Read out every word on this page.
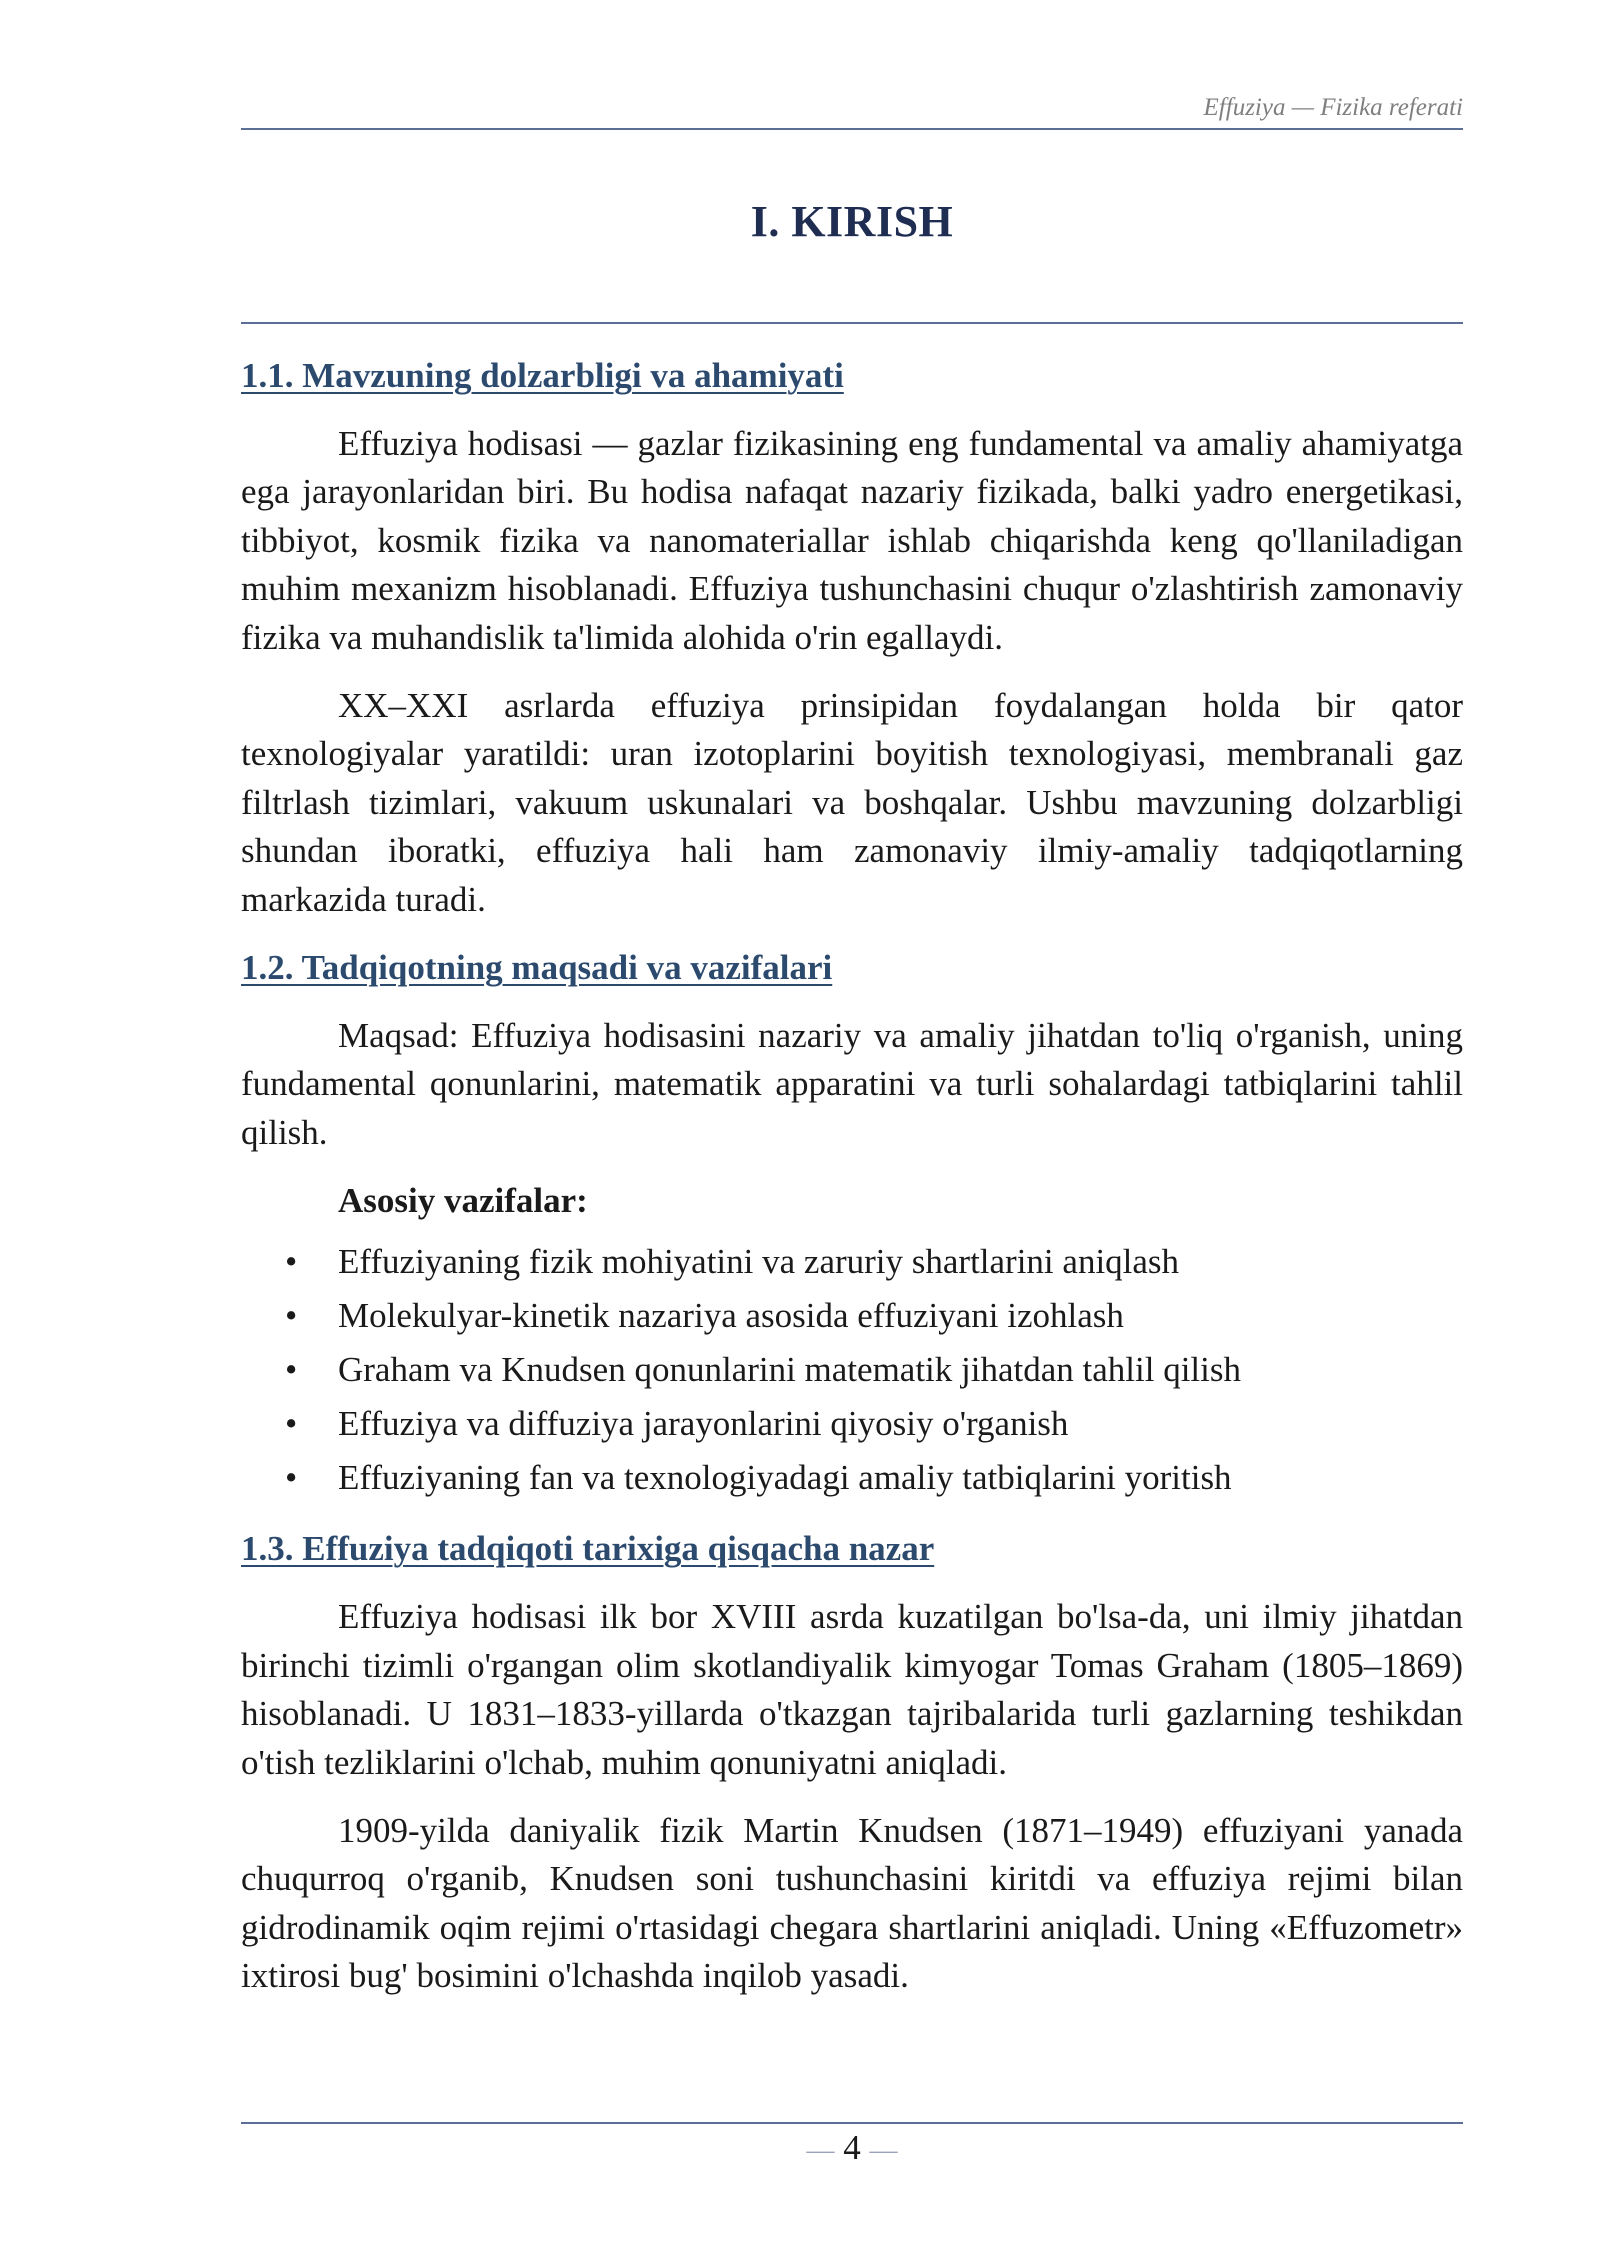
Effuziya — Fizika referati
I. KIRISH
1.1. Mavzuning dolzarbligi va ahamiyati

Effuziya hodisasi — gazlar fizikasining eng fundamental va amaliy ahamiyatga ega jarayonlaridan biri. Bu hodisa nafaqat nazariy fizikada, balki yadro energetikasi, tibbiyot, kosmik fizika va nanomateriallar ishlab chiqarishda keng qo'llaniladigan muhim mexanizm hisoblanadi. Effuziya tushunchasini chuqur o'zlashtirish zamonaviy fizika va muhandislik ta'limida alohida o'rin egallaydi.

XX–XXI asrlarda effuziya prinsipidan foydalangan holda bir qator texnologiyalar yaratildi: uran izotoplarini boyitish texnologiyasi, membranali gaz filtrlash tizimlari, vakuum uskunalari va boshqalar. Ushbu mavzuning dolzarbligi shundan iboratki, effuziya hali ham zamonaviy ilmiy-amaliy tadqiqotlarning markazida turadi.

1.2. Tadqiqotning maqsadi va vazifalari

Maqsad: Effuziya hodisasini nazariy va amaliy jihatdan to'liq o'rganish, uning fundamental qonunlarini, matematik apparatini va turli sohalardagi tatbiqlarini tahlil qilish.

Asosiy vazifalar:

• Effuziyaning fizik mohiyatini va zaruriy shartlarini aniqlash
• Molekulyar-kinetik nazariya asosida effuziyani izohlash
• Graham va Knudsen qonunlarini matematik jihatdan tahlil qilish
• Effuziya va diffuziya jarayonlarini qiyosiy o'rganish
• Effuziyaning fan va texnologiyadagi amaliy tatbiqlarini yoritish
1.3. Effuziya tadqiqoti tarixiga qisqacha nazar

Effuziya hodisasi ilk bor XVIII asrda kuzatilgan bo'lsa-da, uni ilmiy jihatdan birinchi tizimli o'rgangan olim skotlandiyalik kimyogar Tomas Graham (1805–1869) hisoblanadi. U 1831–1833-yillarda o'tkazgan tajribalarida turli gazlarning teshikdan o'tish tezliklarini o'lchab, muhim qonuniyatni aniqladi.

1909-yilda daniyalik fizik Martin Knudsen (1871–1949) effuziyani yanada chuqurroq o'rganib, Knudsen soni tushunchasini kiritdi va effuziya rejimi bilan gidrodinamik oqim rejimi o'rtasidagi chegara shartlarini aniqladi. Uning «Effuzometr» ixtirosi bug' bosimini o'lchashda inqilob yasadi.

— 4 —
